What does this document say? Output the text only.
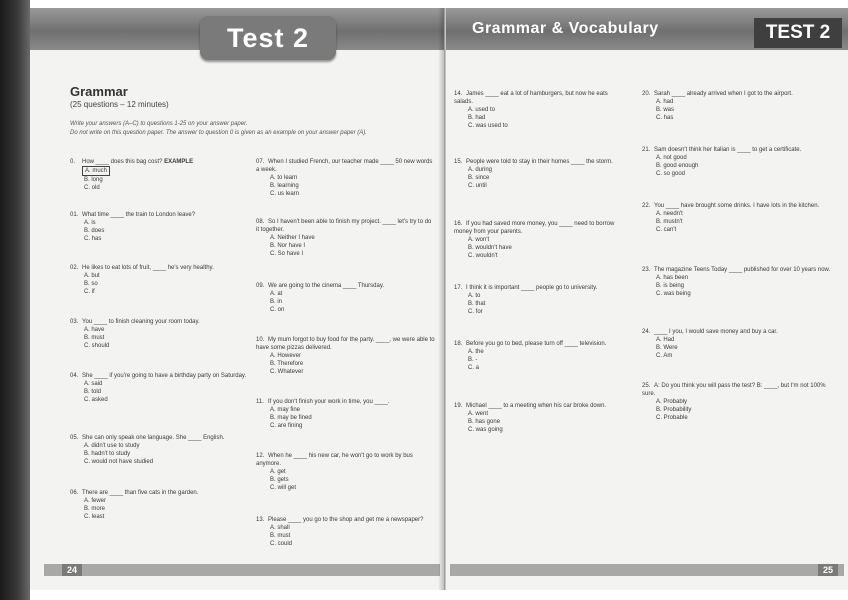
Test 2
Grammar
(25 questions – 12 minutes)
Write your answers (A–C) to questions 1-25 on your answer paper.
Do not write on this question paper. The answer to question 0 is given as an example on your answer paper (A).
0. How ____ does this bag cost? EXAMPLE
A. much
B. long
C. old
01. What time ____ the train to London leave?
A. is
B. does
C. has
02. He likes to eat lots of fruit, ____ he's very healthy.
A. but
B. so
C. if
03. You ____ to finish cleaning your room today.
A. have
B. must
C. should
04. She ____ if you're going to have a birthday party on Saturday.
A. said
B. told
C. asked
05. She can only speak one language. She ____ English.
A. didn't use to study
B. hadn't to study
C. would not have studied
06. There are ____ than five cats in the garden.
A. fewer
B. more
C. least
07. When I studied French, our teacher made ____ 50 new words a week.
A. to learn
B. learning
C. us learn
08. So I haven't been able to finish my project. ____ let's try to do it together.
A. Neither I have
B. Nor have I
C. So have I
09. We are going to the cinema ____ Thursday.
A. at
B. in
C. on
10. My mum forgot to buy food for the party. ____, we were able to have some pizzas delivered.
A. However
B. Therefore
C. Whatever
11. If you don't finish your work in time, you ____.
A. may fine
B. may be fined
C. are fining
12. When he ____ his new car, he won't go to work by bus anymore.
A. get
B. gets
C. will get
13. Please ____ you go to the shop and get me a newspaper?
A. shall
B. must
C. could
24
Grammar & Vocabulary	TEST 2
14. James ____ eat a lot of hamburgers, but now he eats salads.
A. used to
B. had
C. was used to
15. People were told to stay in their homes ____ the storm.
A. during
B. since
C. until
16. If you had saved more money, you ____ need to borrow money from your parents.
A. won't
B. wouldn't have
C. wouldn't
17. I think it is important ____ people go to university.
A. to
B. that
C. for
18. Before you go to bed, please turn off ____ television.
A. the
B. -
C. a
19. Michael ____ to a meeting when his car broke down.
A. went
B. has gone
C. was going
20. Sarah ____ already arrived when I got to the airport.
A. had
B. was
C. has
21. Sam doesn't think her Italian is ____ to get a certificate.
A. not good
B. good enough
C. so good
22. You ____ have brought some drinks. I have lots in the kitchen.
A. needn't
B. mustn't
C. can't
23. The magazine Teens Today ____ published for over 10 years now.
A. has been
B. is being
C. was being
24. ____ I you, I would save money and buy a car.
A. Had
B. Were
C. Am
25. A: Do you think you will pass the test? B: ____, but I'm not 100% sure.
A. Probably
B. Probability
C. Probable
25
